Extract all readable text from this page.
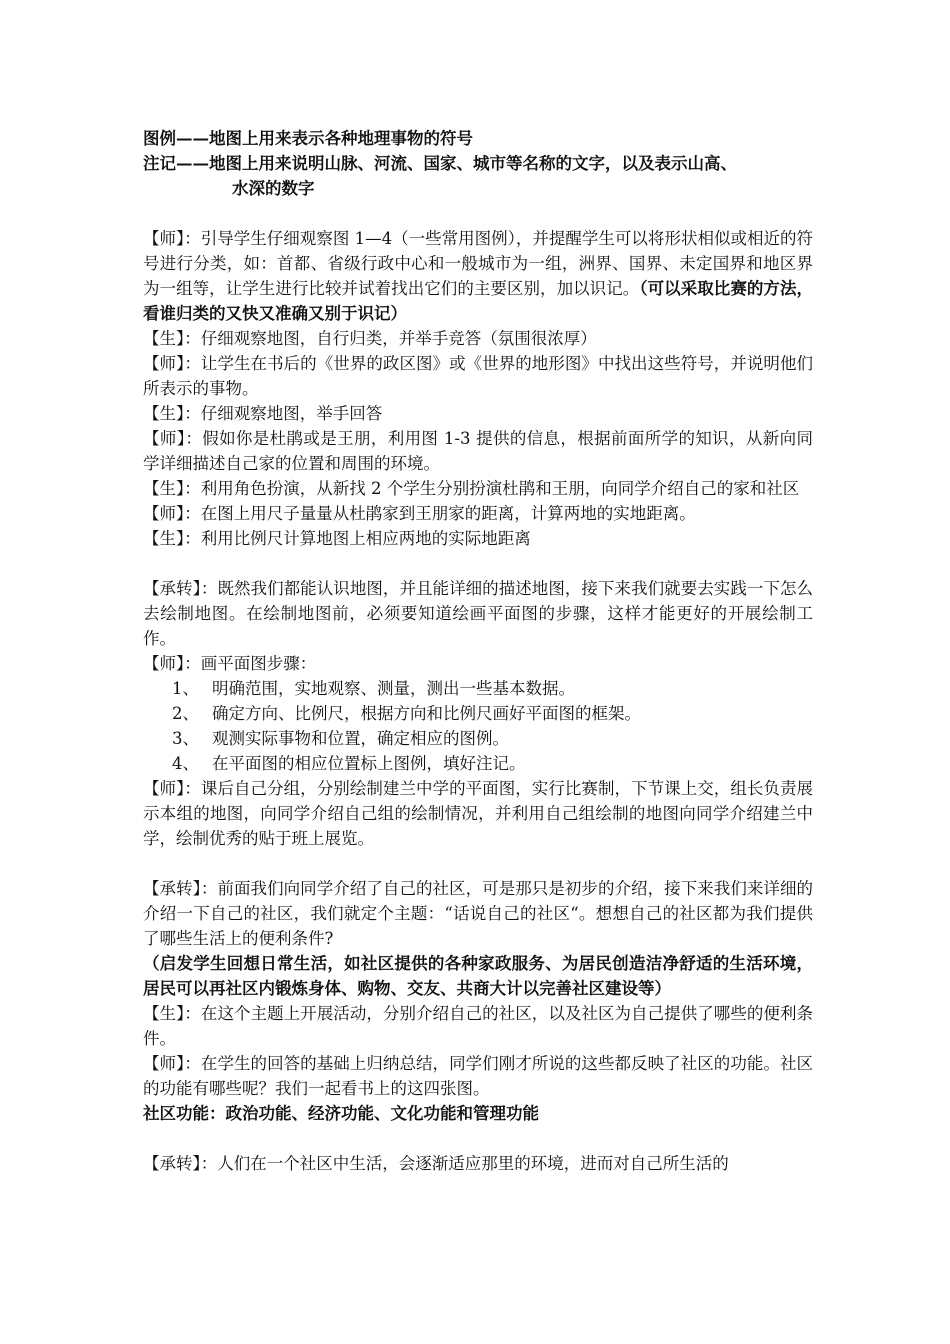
图例——地图上用来表示各种地理事物的符号

注记——地图上用来说明山脉、河流、国家、城市等名称的文字，以及表示山高、

水深的数字

【师】：引导学生仔细观察图 1—4（一些常用图例），并提醒学生可以将形状相似或相近的符号进行分类，如：首都、省级行政中心和一般城市为一组，洲界、国界、未定国界和地区界为一组等，让学生进行比较并试着找出它们的主要区别，加以识记。（可以采取比赛的方法，看谁归类的又快又准确又别于识记）

【生】：仔细观察地图，自行归类，并举手竞答（氛围很浓厚）

【师】：让学生在书后的《世界的政区图》或《世界的地形图》中找出这些符号，并说明他们所表示的事物。

【生】：仔细观察地图，举手回答

【师】：假如你是杜鹃或是王朋，利用图 1-3 提供的信息，根据前面所学的知识，从新向同学详细描述自己家的位置和周围的环境。

【生】：利用角色扮演，从新找 2 个学生分别扮演杜鹃和王朋，向同学介绍自己的家和社区

【师】：在图上用尺子量量从杜鹃家到王朋家的距离，计算两地的实地距离。

【生】：利用比例尺计算地图上相应两地的实际地距离

【承转】：既然我们都能认识地图，并且能详细的描述地图，接下来我们就要去实践一下怎么去绘制地图。在绘制地图前，必须要知道绘画平面图的步骤，这样才能更好的开展绘制工作。

【师】：画平面图步骤：

1、 明确范围，实地观察、测量，测出一些基本数据。

2、 确定方向、比例尺，根据方向和比例尺画好平面图的框架。

3、 观测实际事物和位置，确定相应的图例。

4、 在平面图的相应位置标上图例，填好注记。

【师】：课后自己分组，分别绘制建兰中学的平面图，实行比赛制，下节课上交，组长负责展示本组的地图，向同学介绍自己组的绘制情况，并利用自己组绘制的地图向同学介绍建兰中学，绘制优秀的贴于班上展览。

【承转】：前面我们向同学介绍了自己的社区，可是那只是初步的介绍，接下来我们来详细的介绍一下自己的社区，我们就定个主题：“话说自己的社区“。想想自己的社区都为我们提供了哪些生活上的便利条件?

（启发学生回想日常生活，如社区提供的各种家政服务、为居民创造洁净舒适的生活环境，居民可以再社区内锻炼身体、购物、交友、共商大计以完善社区建设等）

【生】：在这个主题上开展活动，分别介绍自己的社区，以及社区为自己提供了哪些的便利条件。

【师】：在学生的回答的基础上归纳总结，同学们刚才所说的这些都反映了社区的功能。社区的功能有哪些呢？我们一起看书上的这四张图。

社区功能：政治功能、经济功能、文化功能和管理功能

【承转】：人们在一个社区中生活，会逐渐适应那里的环境，进而对自己所生活的
